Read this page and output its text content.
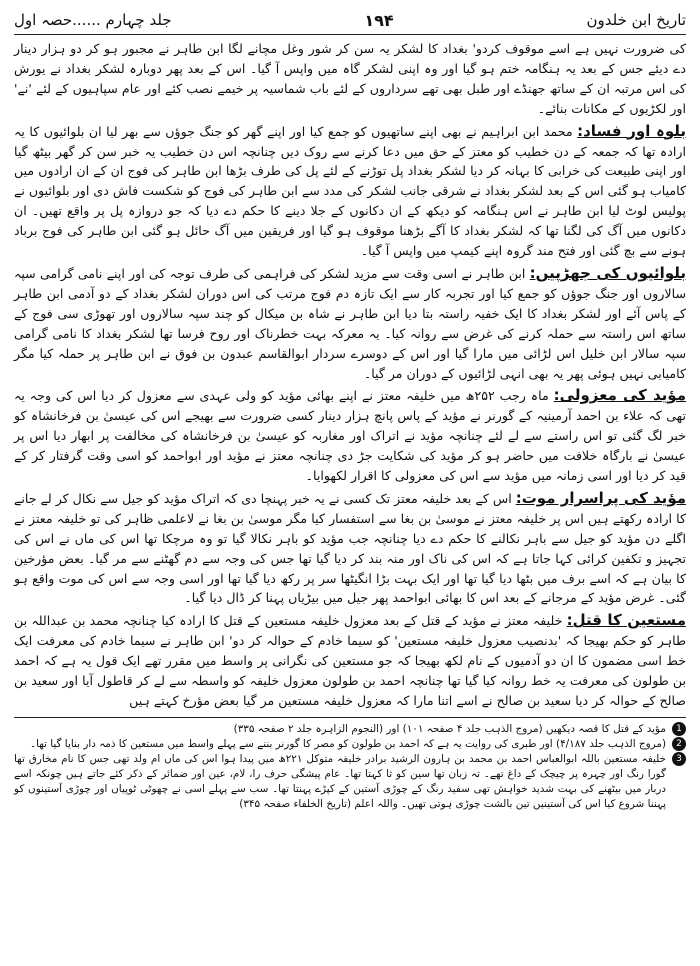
تاریخ ابن خلدون
۱۹۴
جلد چہارم ......حصہ اول

کی ضرورت نہیں ہے اسے موقوف کردو' بغداد کا لشکر یہ سن کر شور وغل مچانے لگا ابن طاہر نے مجبور ہو کر دو ہزار دینار دے دیئے جس کے بعد یہ ہنگامہ ختم ہو گیا اور وہ اپنی لشکر گاہ میں واپس آ گیا۔ اس کے بعد پھر دوبارہ لشکر بغداد نے یورش کی اس مرتبہ ان کے ساتھ جھنڈے اور طبل بھی تھے سرداروں کے لئے باب شماسیہ پر خیمے نصب کئے اور عام سپاہیوں کے لئے 'نے' اور لکڑیوں کے مکانات بنائے۔

بلوہ اور فساد: محمد ابن ابراہیم نے بھی اپنے ساتھیوں کو جمع کیا اور اپنے گھر کو جنگ جوؤں سے بھر لیا ان بلوائیوں کا یہ ارادہ تھا کہ جمعہ کے دن خطیب کو معتز کے حق میں دعا کرنے سے روک دیں چنانچہ اس دن خطیب یہ خبر سن کر گھر بیٹھ گیا اور اپنی طبیعت کی خرابی کا بہانہ کر دیا لشکر بغداد پل توڑنے کے لئے پل کی طرف بڑھا ابن طاہر کی فوج ان کے ان ارادوں میں کامیاب ہو گئی اس کے بعد لشکر بغداد نے شرقی جانب لشکر کی مدد سے ابن طاہر کی فوج کو شکست فاش دی اور بلوائیوں نے پولیس لوٹ لیا ابن طاہر نے اس ہنگامہ کو دیکھ کے ان دکانوں کے جلا دینے کا حکم دے دیا کہ جو دروازہ پل پر واقع تھیں۔ ان دکانوں میں آگ کی لگنا تھا کہ لشکر بغداد کا آگے بڑھنا موقوف ہو گیا اور فریقین میں آگ حائل ہو گئی ابن طاہر کی فوج برباد ہونے سے بچ گئی اور فتح مند گروہ اپنے کیمپ میں واپس آ گیا۔

بلوائیوں کی جھڑپیں: ابن طاہر نے اسی وقت سے مزید لشکر کی فراہمی کی طرف توجہ کی اور اپنے نامی گرامی سپہ سالاروں اور جنگ جوؤں کو جمع کیا اور تجربہ کار سے ایک تازہ دم فوج مرتب کی اس دوران لشکر بغداد کے دو آدمی ابن طاہر کے پاس آئے اور لشکر بغداد کا ایک خفیہ راستہ بتا دیا ابن طاہر نے شاہ بن میکال کو چند سپہ سالاروں اور تھوڑی سی فوج کے ساتھ اس راستہ سے حملہ کرنے کی غرض سے روانہ کیا۔ یہ معرکہ بہت خطرناک اور روح فرسا تھا لشکر بغداد کا نامی گرامی سپہ سالار ابن خلیل اس لڑائی میں مارا گیا اور اس کے دوسرے سردار ابوالقاسم عبدون بن فوق نے ابن طاہر پر حملہ کیا مگر کامیابی نہیں ہوئی پھر یہ بھی انہی لڑائیوں کے دوران مر گیا۔

مؤید کی معزولی: ماہ رجب ۲۵۲ھ میں خلیفہ معتز نے اپنے بھائی مؤید کو ولی عہدی سے معزول کر دیا اس کی وجہ یہ تھی کہ علاء بن احمد آرمینیہ کے گورنر نے مؤید کے پاس پانچ ہزار دینار کسی ضرورت سے بھیجے اس کی عیسیٰ بن فرخانشاہ کو خبر لگ گئی تو اس راستے سے لے لئے چنانچہ مؤید نے اتراک اور مغاربہ کو عیسیٰ بن فرخانشاہ کی مخالفت پر ابھار دیا اس پر عیسیٰ نے بارگاہ خلافت میں حاضر ہو کر مؤید کی شکایت جڑ دی چنانچہ معتز نے مؤید اور ابواحمد کو اسی وقت گرفتار کر کے قید کر دیا اور اسی زمانہ میں مؤید سے اس کی معزولی کا اقرار لکھوایا۔

مؤید کی پراسرار موت: اس کے بعد خلیفہ معتز تک کسی نے یہ خبر پہنچا دی کہ اتراک مؤید کو جیل سے نکال کر لے جانے کا ارادہ رکھتے ہیں اس پر خلیفہ معتز نے موسیٰ بن بغا سے استفسار کیا مگر موسیٰ بن بغا نے لاعلمی ظاہر کی تو خلیفہ معتز نے اگلے دن مؤید کو جیل سے باہر نکالنے کا حکم دے دیا چنانچہ جب مؤید کو باہر نکالا گیا تو وہ مرچکا تھا اس کی ماں نے اس کی تجہیز و تکفین کرائی کہا جاتا ہے کہ اس کی ناک اور منہ بند کر دیا گیا تھا جس کی وجہ سے دم گھٹنے سے مر گیا۔ بعض مؤرخین کا بیان ہے کہ اسے برف میں بٹھا دیا گیا تھا اور ایک بہت بڑا انگیٹھا سر پر رکھ دیا گیا تھا اور اسی وجہ سے اس کی موت واقع ہو گئی۔ غرض مؤید کے مرجانے کے بعد اس کا بھائی ابواحمد پھر جیل میں بیڑیاں پہنا کر ڈال دیا گیا۔

مستعین کا قتل: خلیفہ معتز نے مؤید کے قتل کے بعد معزول خلیفہ مستعین کے قتل کا ارادہ کیا چنانچہ محمد بن عبداللہ بن طاہر کو حکم بھیجا کہ 'بدنصیب معزول خلیفہ مستعین' کو سیما خادم کے حوالہ کر دو' ابن طاہر نے سیما خادم کی معرفت ایک خط اسی مضمون کا ان دو آدمیوں کے نام لکھ بھیجا کہ جو مستعین کی نگرانی پر واسط میں مقرر تھے ایک قول یہ ہے کہ احمد بن طولون کی معرفت یہ خط روانہ کیا گیا تھا چنانچہ احمد بن طولون معزول خلیفہ کو واسطہ سے لے کر قاطول آیا اور سعید بن صالح کے حوالہ کر دیا سعید بن صالح نے اسے اتنا مارا کہ معزول خلیفہ مستعین مر گیا بعض مؤرخ کہتے ہیں

1
مؤید کے قتل کا قصہ دیکھیں (مروج الذہب جلد ۴ صفحہ ۱۰۱) اور (النجوم الزاہرہ جلد ۲ صفحہ ۳۳۵)
2
(مروج الذہب جلد ۴/۱۸۷) اور طبری کی روایت یہ ہے کہ احمد بن طولون کو مصر کا گورنر بننے سے پہلے واسط میں مستعین کا ذمہ دار بنایا گیا تھا۔
3
خلیفہ مستعین باللہ ابوالعباس احمد بن محمد بن ہارون الرشید برادر خلیفہ متوکل ۲۲۱ھ میں پیدا ہوا اس کی ماں ام ولد تھی جس کا نام مخارق تھا گورا رنگ اور چہرہ پر چیچک کے داغ تھے۔ تہ زبان تھا سین کو ثا کہتا تھا۔ عام پیشگی حرف را، لام، عین اور ضمائر کے ذکر کئے جاتے ہیں چونکہ اسے دربار میں بیٹھنے کی بہت شدید خواہش تھی سفید رنگ کے چوڑی آستین کے کپڑے پہنتا تھا۔ سب سے پہلے اسی نے چھوٹی ٹوپیاں اور چوڑی آستینوں کو پہننا شروع کیا اس کی آستینیں تین بالشت چوڑی ہوتی تھیں۔ واللہ اعلم (تاریخ الخلفاء صفحہ ۳۴۵)
